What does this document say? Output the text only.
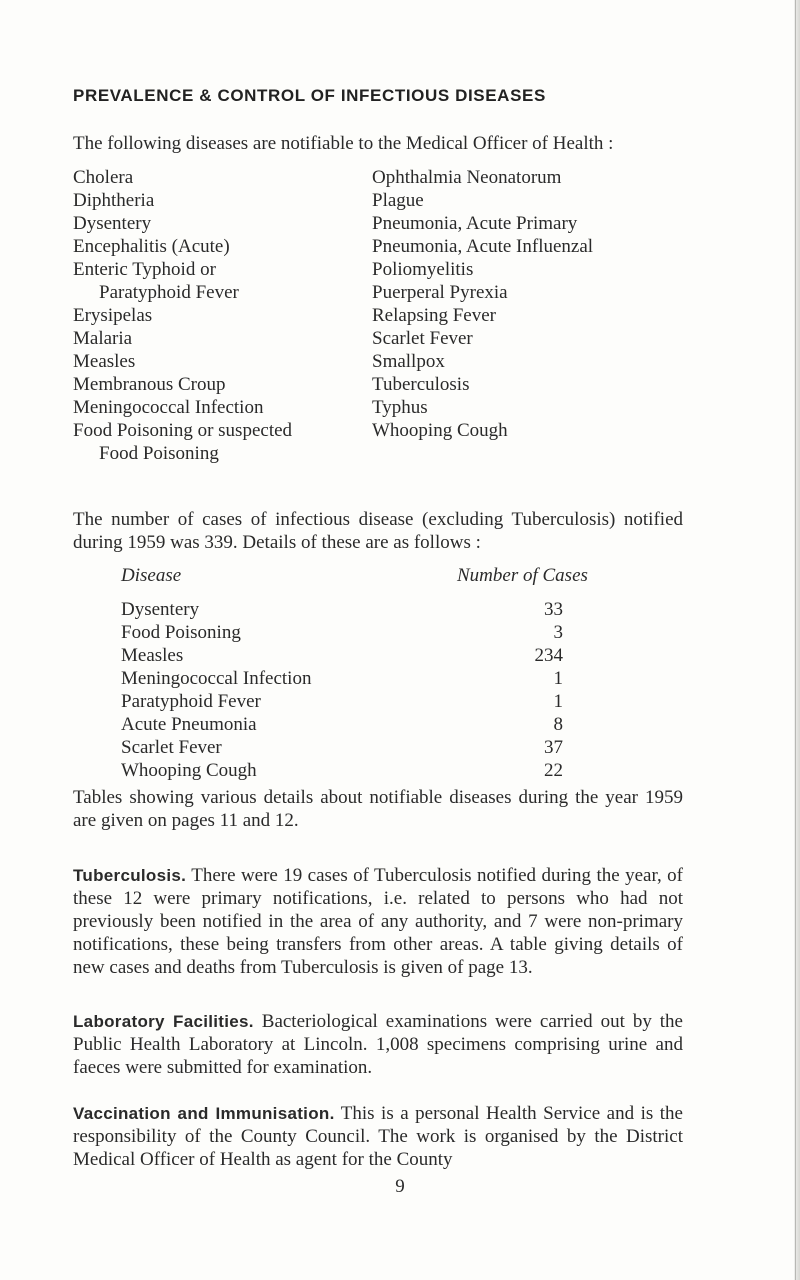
PREVALENCE & CONTROL OF INFECTIOUS DISEASES
The following diseases are notifiable to the Medical Officer of Health :
Cholera
Diphtheria
Dysentery
Encephalitis (Acute)
Enteric Typhoid or
Paratyphoid Fever
Erysipelas
Malaria
Measles
Membranous Croup
Meningococcal Infection
Food Poisoning or suspected
Food Poisoning
Ophthalmia Neonatorum
Plague
Pneumonia, Acute Primary
Pneumonia, Acute Influenzal
Poliomyelitis
Puerperal Pyrexia
Relapsing Fever
Scarlet Fever
Smallpox
Tuberculosis
Typhus
Whooping Cough
The number of cases of infectious disease (excluding Tuberculosis) notified during 1959 was 339. Details of these are as follows :
Disease	Number of Cases
Dysentery	33
Food Poisoning	3
Measles	234
Meningococcal Infection	1
Paratyphoid Fever	1
Acute Pneumonia	8
Scarlet Fever	37
Whooping Cough	22
Tables showing various details about notifiable diseases during the year 1959 are given on pages 11 and 12.
Tuberculosis. There were 19 cases of Tuberculosis notified during the year, of these 12 were primary notifications, i.e. related to persons who had not previously been notified in the area of any authority, and 7 were non-primary notifications, these being transfers from other areas. A table giving details of new cases and deaths from Tuberculosis is given of page 13.
Laboratory Facilities. Bacteriological examinations were carried out by the Public Health Laboratory at Lincoln. 1,008 specimens comprising urine and faeces were submitted for examination.
Vaccination and Immunisation. This is a personal Health Service and is the responsibility of the County Council. The work is organised by the District Medical Officer of Health as agent for the County
9
